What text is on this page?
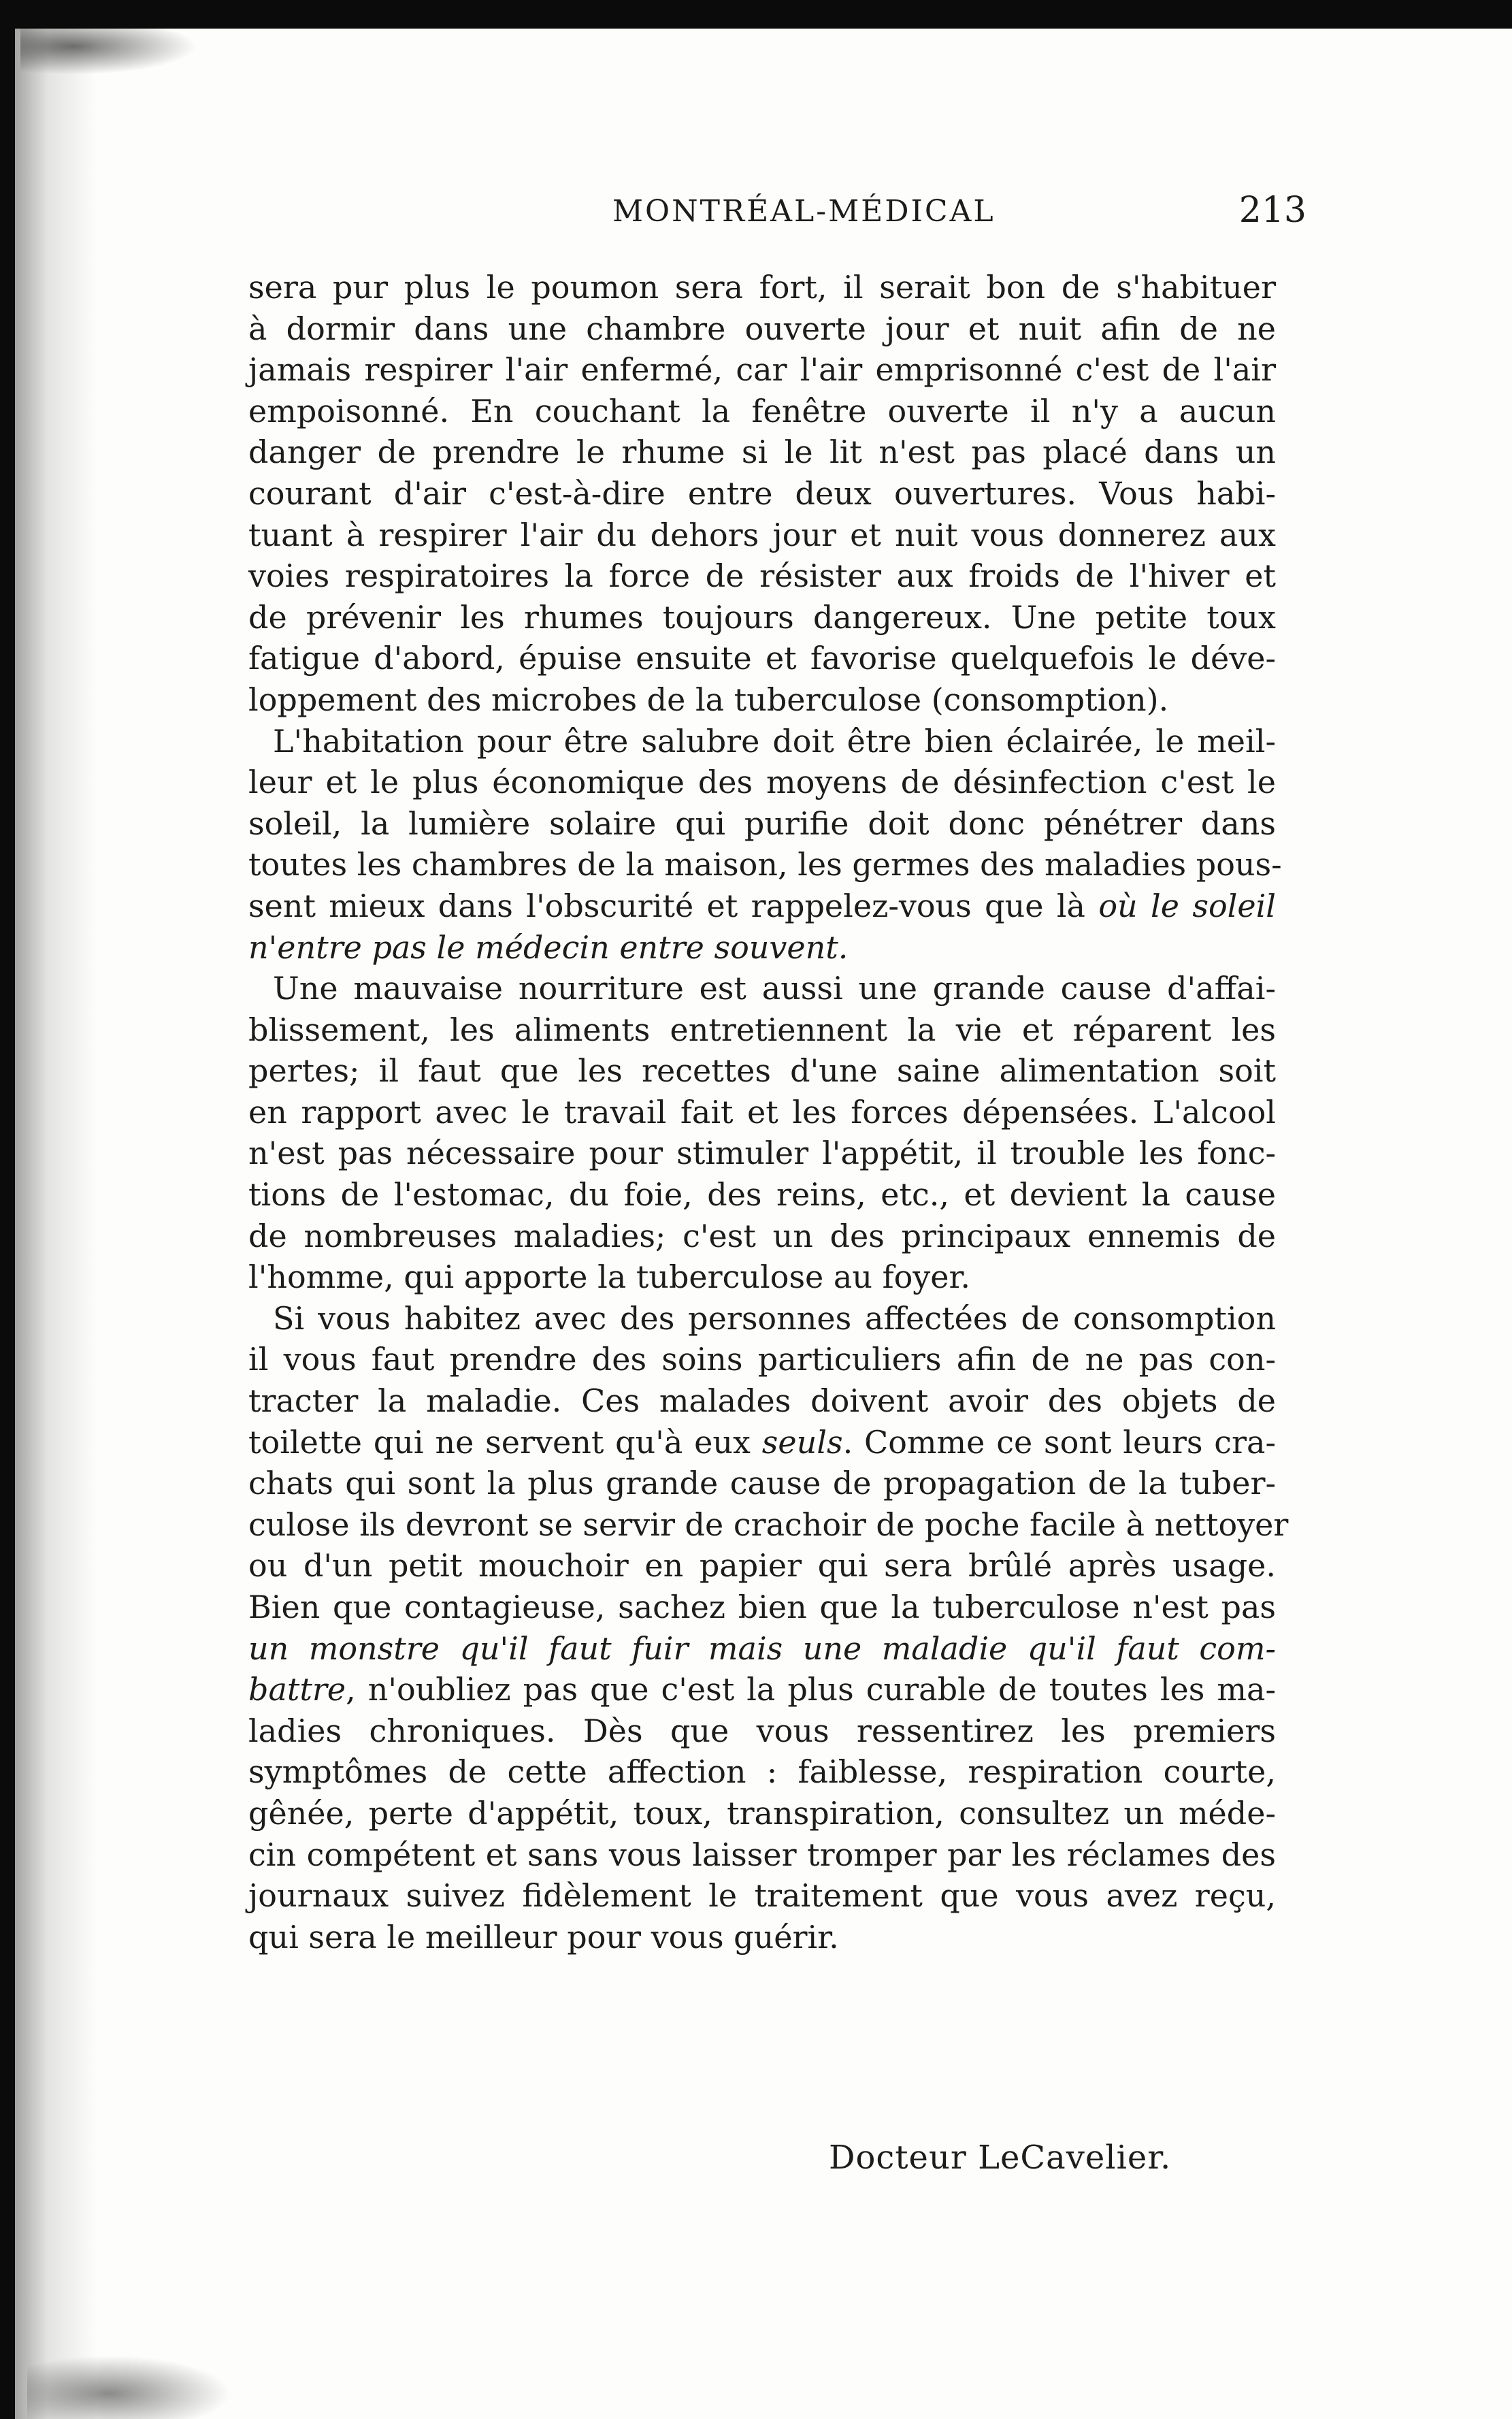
MONTRÉAL-MÉDICAL	213
sera pur plus le poumon sera fort, il serait bon de s'habituer
à dormir dans une chambre ouverte jour et nuit afin de ne
jamais respirer l'air enfermé, car l'air emprisonné c'est de l'air
empoisonné. En couchant la fenêtre ouverte il n'y a aucun
danger de prendre le rhume si le lit n'est pas placé dans un
courant d'air c'est-à-dire entre deux ouvertures. Vous habi-
tuant à respirer l'air du dehors jour et nuit vous donnerez aux
voies respiratoires la force de résister aux froids de l'hiver et
de prévenir les rhumes toujours dangereux. Une petite toux
fatigue d'abord, épuise ensuite et favorise quelquefois le déve-
loppement des microbes de la tuberculose (consomption).
L'habitation pour être salubre doit être bien éclairée, le meil-
leur et le plus économique des moyens de désinfection c'est le
soleil, la lumière solaire qui purifie doit donc pénétrer dans
toutes les chambres de la maison, les germes des maladies pous-
sent mieux dans l'obscurité et rappelez-vous que là où le soleil
n'entre pas le médecin entre souvent.
Une mauvaise nourriture est aussi une grande cause d'affai-
blissement, les aliments entretiennent la vie et réparent les
pertes; il faut que les recettes d'une saine alimentation soit
en rapport avec le travail fait et les forces dépensées. L'alcool
n'est pas nécessaire pour stimuler l'appétit, il trouble les fonc-
tions de l'estomac, du foie, des reins, etc., et devient la cause
de nombreuses maladies; c'est un des principaux ennemis de
l'homme, qui apporte la tuberculose au foyer.
Si vous habitez avec des personnes affectées de consomption
il vous faut prendre des soins particuliers afin de ne pas con-
tracter la maladie. Ces malades doivent avoir des objets de
toilette qui ne servent qu'à eux seuls. Comme ce sont leurs cra-
chats qui sont la plus grande cause de propagation de la tuber-
culose ils devront se servir de crachoir de poche facile à nettoyer
ou d'un petit mouchoir en papier qui sera brûlé après usage.
Bien que contagieuse, sachez bien que la tuberculose n'est pas
un monstre qu'il faut fuir mais une maladie qu'il faut com-
battre, n'oubliez pas que c'est la plus curable de toutes les ma-
ladies chroniques. Dès que vous ressentirez les premiers
symptômes de cette affection : faiblesse, respiration courte,
gênée, perte d'appétit, toux, transpiration, consultez un méde-
cin compétent et sans vous laisser tromper par les réclames des
journaux suivez fidèlement le traitement que vous avez reçu,
qui sera le meilleur pour vous guérir.
Docteur LeCavelier.
